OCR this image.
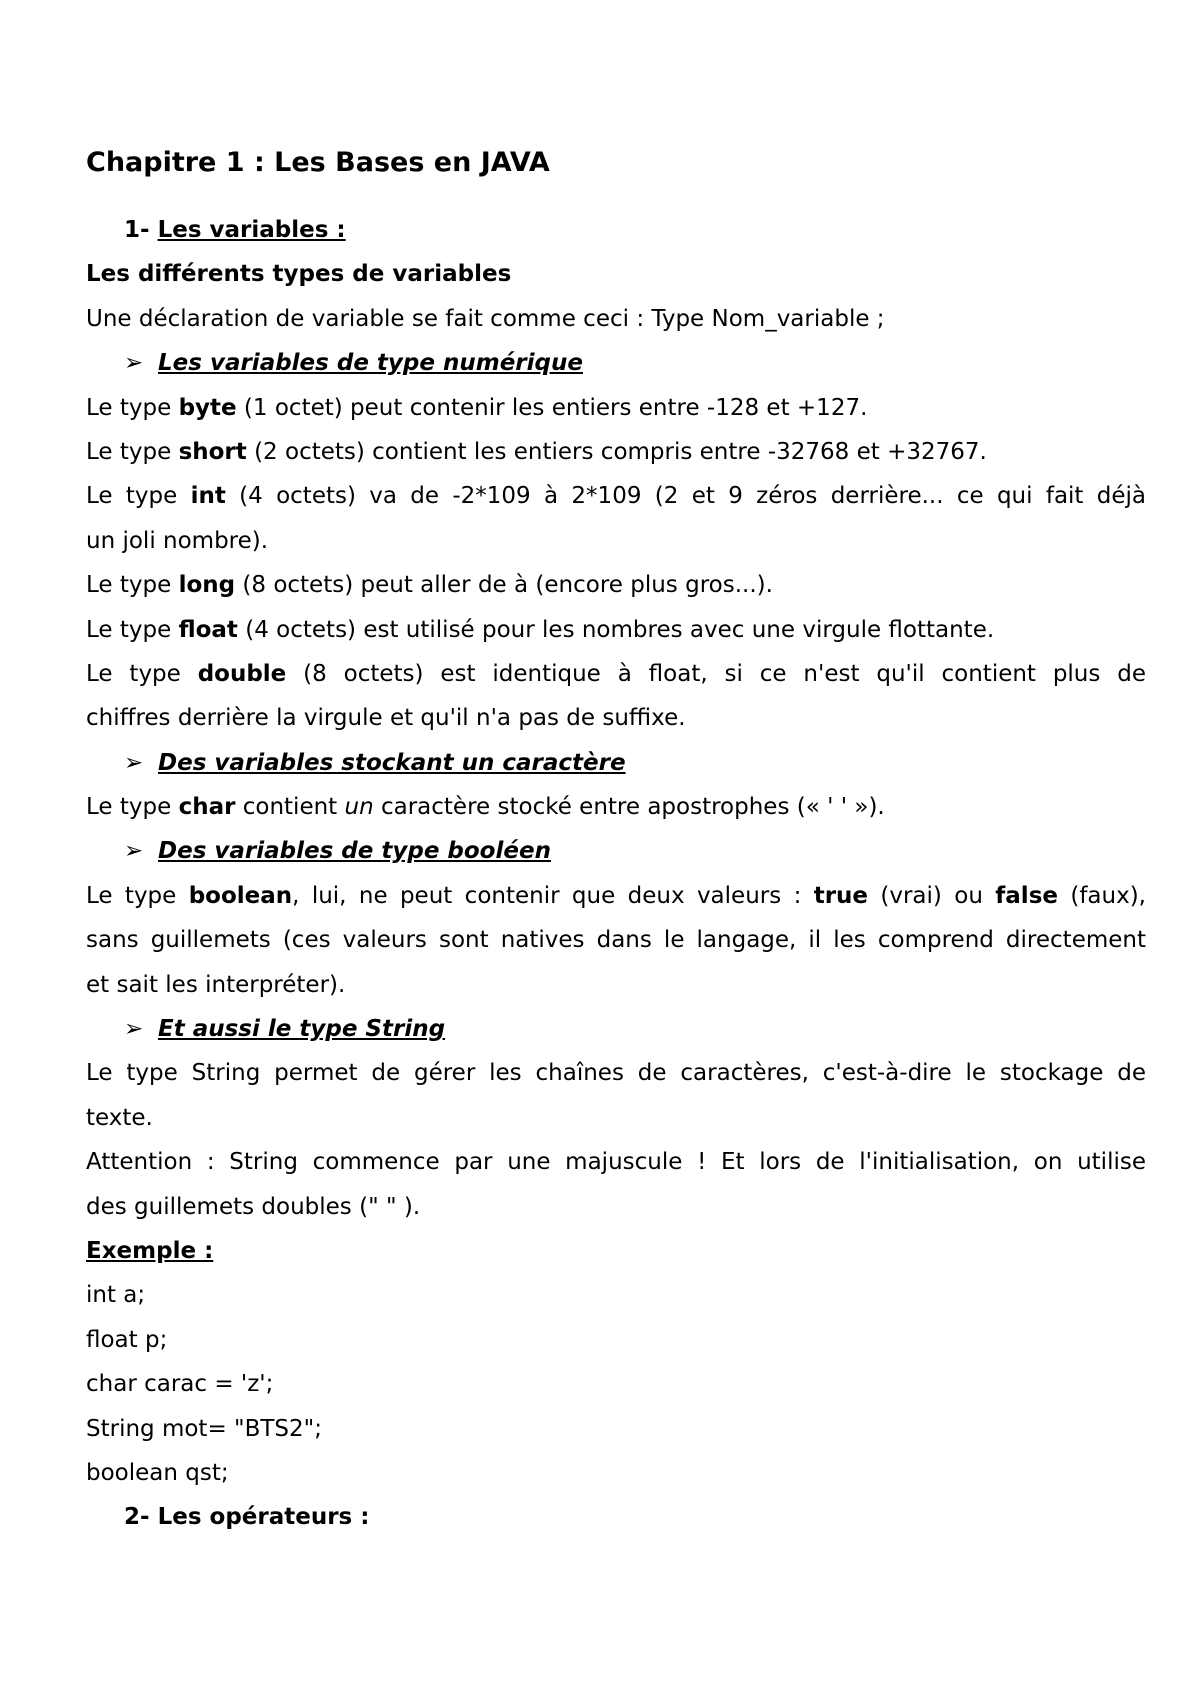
Chapitre 1 : Les Bases en JAVA
1- Les variables :
Les différents types de variables
Une déclaration de variable se fait comme ceci : Type Nom_variable ;
➢ Les variables de type numérique
Le type byte (1 octet) peut contenir les entiers entre -128 et +127.
Le type short (2 octets) contient les entiers compris entre -32768 et +32767.
Le type int (4 octets) va de -2*109 à 2*109 (2 et 9 zéros derrière... ce qui fait déjà
un joli nombre).
Le type long (8 octets) peut aller de à (encore plus gros...).
Le type float (4 octets) est utilisé pour les nombres avec une virgule flottante.
Le type double (8 octets) est identique à float, si ce n'est qu'il contient plus de
chiffres derrière la virgule et qu'il n'a pas de suffixe.
➢ Des variables stockant un caractère
Le type char contient un caractère stocké entre apostrophes (« ' ' »).
➢ Des variables de type booléen
Le type boolean, lui, ne peut contenir que deux valeurs : true (vrai) ou false (faux),
sans guillemets (ces valeurs sont natives dans le langage, il les comprend directement
et sait les interpréter).
➢ Et aussi le type String
Le type String permet de gérer les chaînes de caractères, c'est-à-dire le stockage de
texte.
Attention : String commence par une majuscule ! Et lors de l'initialisation, on utilise
des guillemets doubles (" " ).
Exemple :
int a;
float p;
char carac = 'z';
String mot= "BTS2";
boolean qst;
2- Les opérateurs :
